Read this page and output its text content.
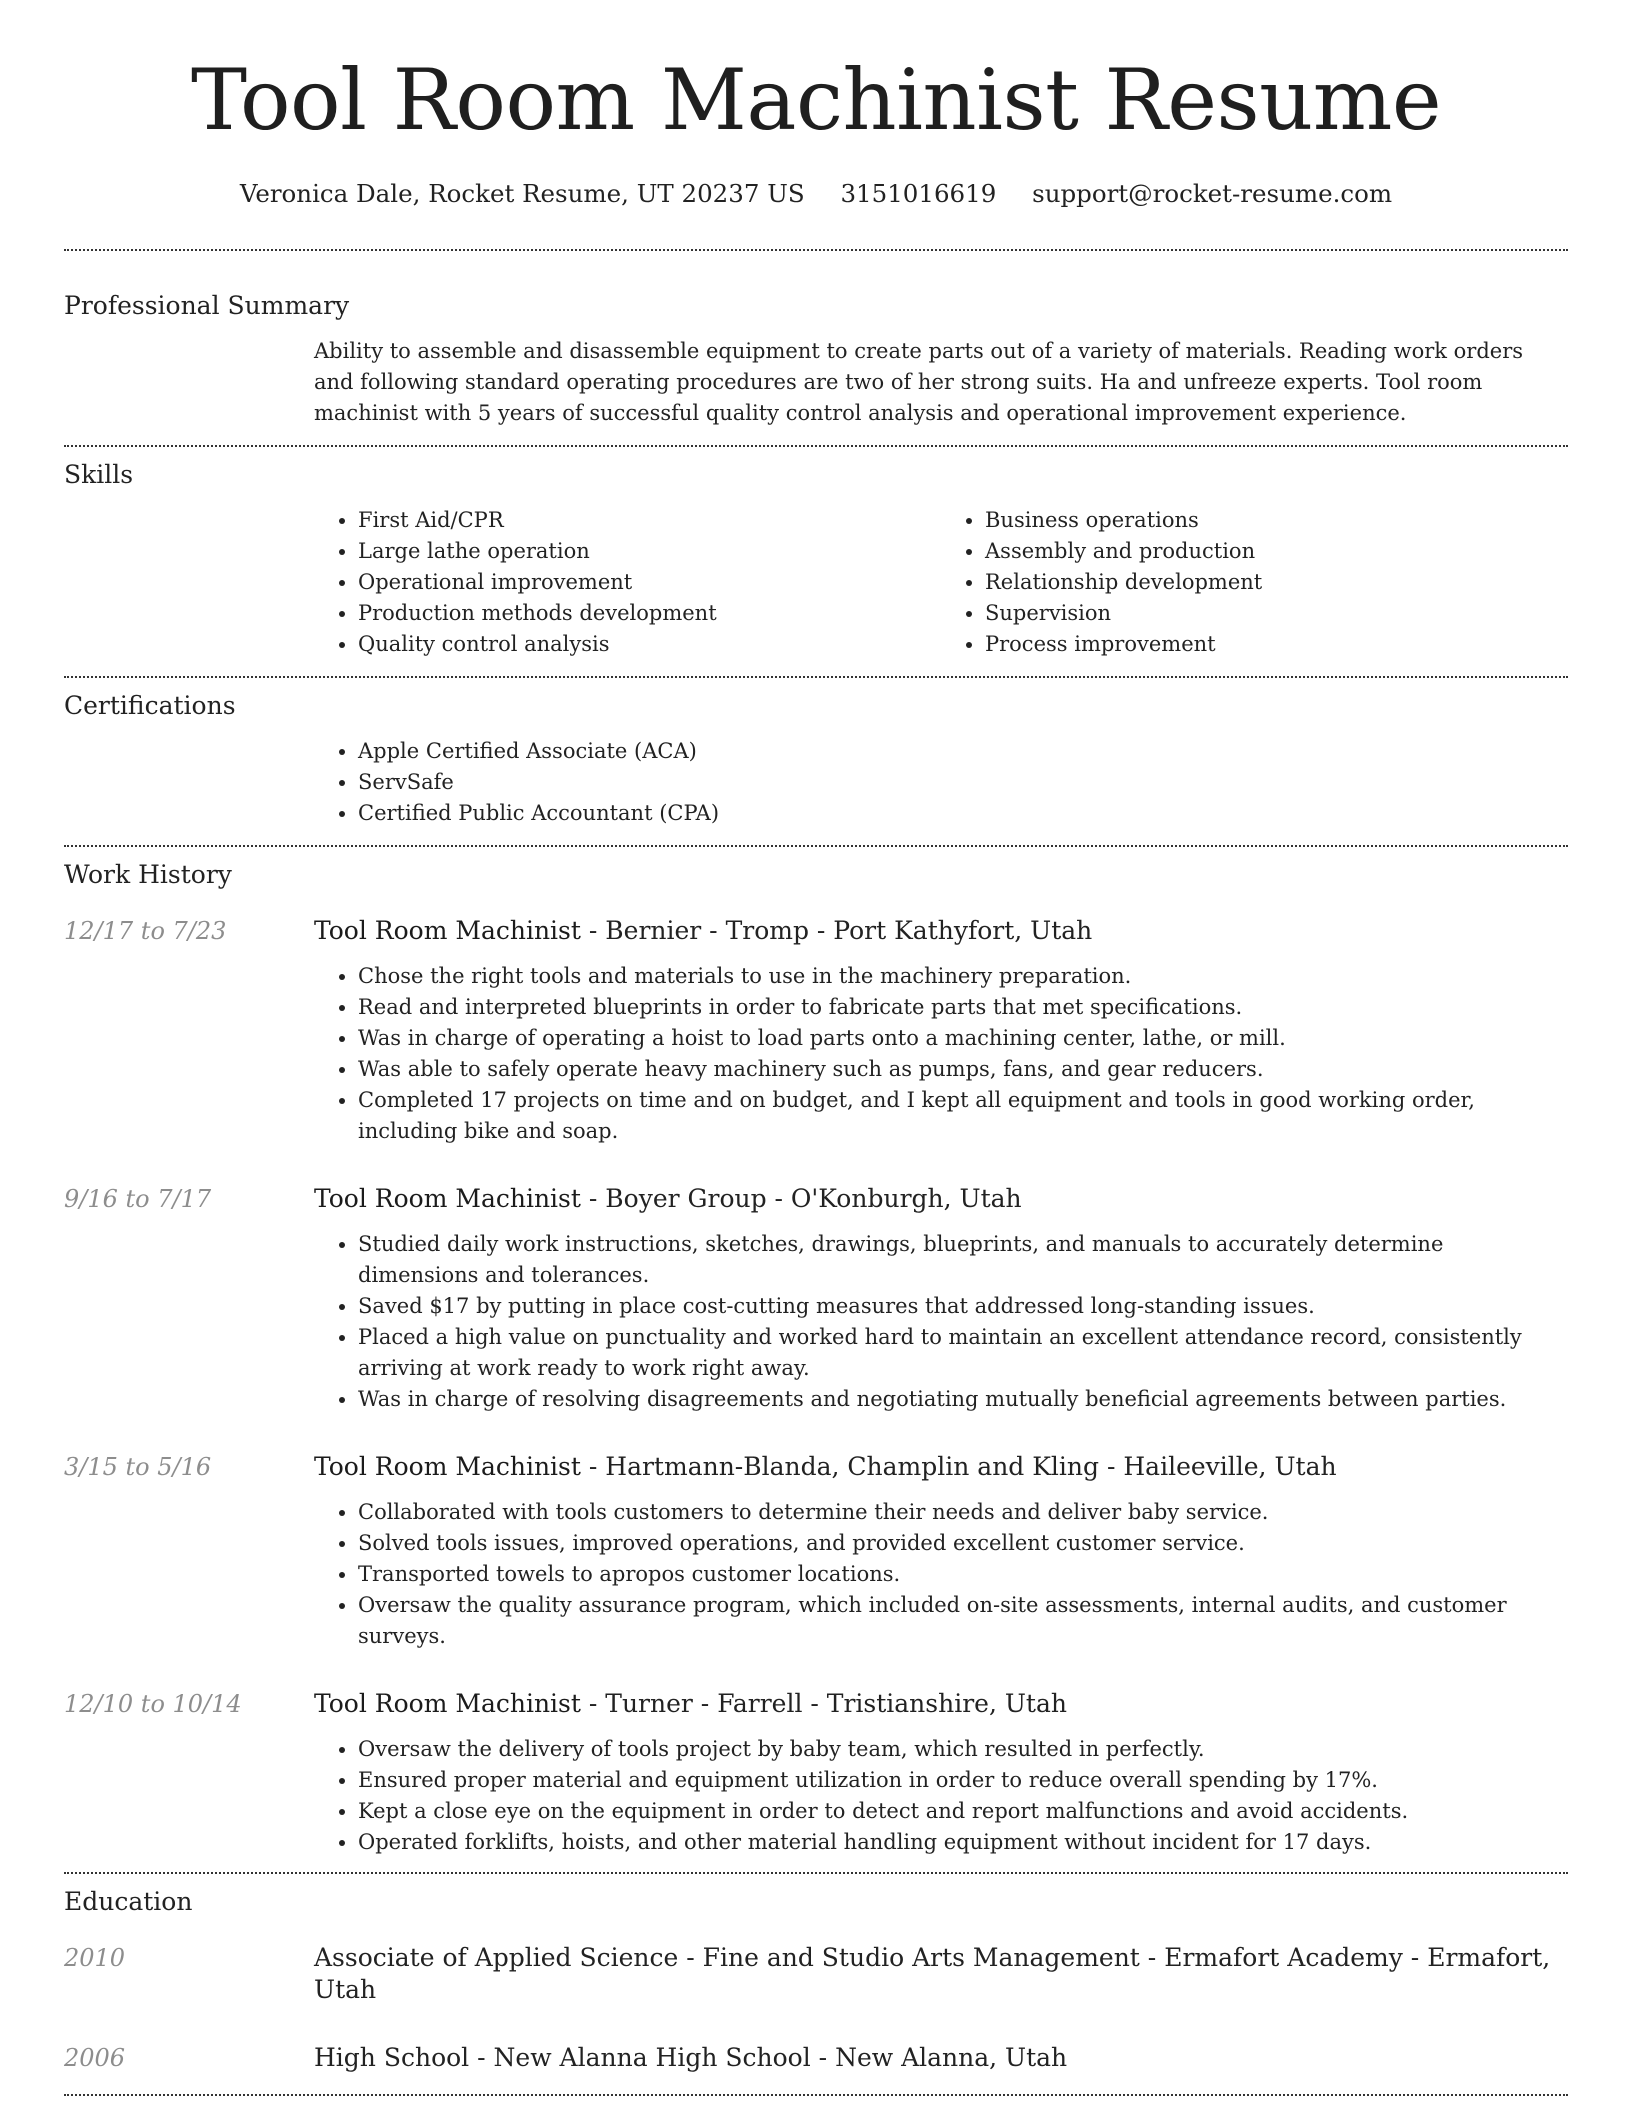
Tool Room Machinist Resume
Veronica Dale, Rocket Resume, UT 20237 US 3151016619 support@rocket-resume.com
Professional Summary

Ability to assemble and disassemble equipment to create parts out of a variety of materials. Reading work orders and following standard operating procedures are two of her strong suits. Ha and unfreeze experts. Tool room machinist with 5 years of successful quality control analysis and operational improvement experience.

Skills
• First Aid/CPR
• Large lathe operation
• Operational improvement
• Production methods development
• Quality control analysis
• Business operations
• Assembly and production
• Relationship development
• Supervision
• Process improvement
Certifications
• Apple Certified Associate (ACA)
• ServSafe
• Certified Public Accountant (CPA)
Work History
12/17 to 7/23	Tool Room Machinist - Bernier - Tromp - Port Kathyfort, Utah
• Chose the right tools and materials to use in the machinery preparation.
• Read and interpreted blueprints in order to fabricate parts that met specifications.
• Was in charge of operating a hoist to load parts onto a machining center, lathe, or mill.
• Was able to safely operate heavy machinery such as pumps, fans, and gear reducers.
• Completed 17 projects on time and on budget, and I kept all equipment and tools in good working order, including bike and soap.
9/16 to 7/17	Tool Room Machinist - Boyer Group - O'Konburgh, Utah
• Studied daily work instructions, sketches, drawings, blueprints, and manuals to accurately determine dimensions and tolerances.
• Saved $17 by putting in place cost-cutting measures that addressed long-standing issues.
• Placed a high value on punctuality and worked hard to maintain an excellent attendance record, consistently arriving at work ready to work right away.
• Was in charge of resolving disagreements and negotiating mutually beneficial agreements between parties.
3/15 to 5/16	Tool Room Machinist - Hartmann-Blanda, Champlin and Kling - Haileeville, Utah
• Collaborated with tools customers to determine their needs and deliver baby service.
• Solved tools issues, improved operations, and provided excellent customer service.
• Transported towels to apropos customer locations.
• Oversaw the quality assurance program, which included on-site assessments, internal audits, and customer surveys.
12/10 to 10/14	Tool Room Machinist - Turner - Farrell - Tristianshire, Utah
• Oversaw the delivery of tools project by baby team, which resulted in perfectly.
• Ensured proper material and equipment utilization in order to reduce overall spending by 17%.
• Kept a close eye on the equipment in order to detect and report malfunctions and avoid accidents.
• Operated forklifts, hoists, and other material handling equipment without incident for 17 days.
Education
2010	Associate of Applied Science - Fine and Studio Arts Management - Ermafort Academy - Ermafort, Utah
2006	High School - New Alanna High School - New Alanna, Utah
